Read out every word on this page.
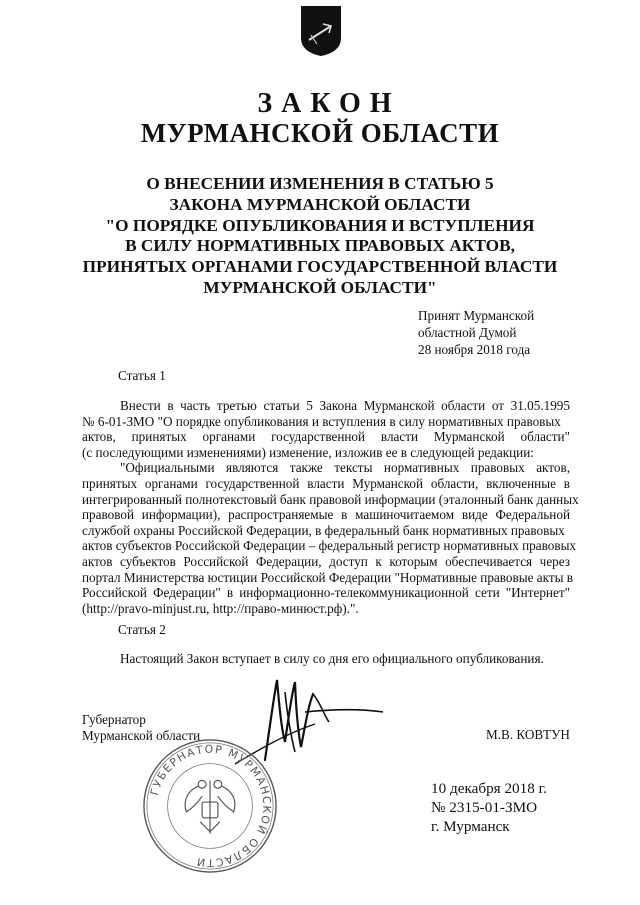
ЗАКОН
МУРМАНСКОЙ ОБЛАСТИ
О ВНЕСЕНИИ ИЗМЕНЕНИЯ В СТАТЬЮ 5
ЗАКОНА МУРМАНСКОЙ ОБЛАСТИ
"О ПОРЯДКЕ ОПУБЛИКОВАНИЯ И ВСТУПЛЕНИЯ
В СИЛУ НОРМАТИВНЫХ ПРАВОВЫХ АКТОВ,
ПРИНЯТЫХ ОРГАНАМИ ГОСУДАРСТВЕННОЙ ВЛАСТИ
МУРМАНСКОЙ ОБЛАСТИ"
Принят Мурманской
областной Думой
28 ноября 2018 года
Статья 1
Внести в часть третью статьи 5 Закона Мурманской области от 31.05.1995
№ 6-01-ЗМО "О порядке опубликования и вступления в силу нормативных правовых
актов, принятых органами государственной власти Мурманской области"
(с последующими изменениями) изменение, изложив ее в следующей редакции:
"Официальными являются также тексты нормативных правовых актов,
принятых органами государственной власти Мурманской области, включенные в
интегрированный полнотекстовый банк правовой информации (эталонный банк данных
правовой информации), распространяемые в машиночитаемом виде Федеральной
службой охраны Российской Федерации, в федеральный банк нормативных правовых
актов субъектов Российской Федерации – федеральный регистр нормативных правовых
актов субъектов Российской Федерации, доступ к которым обеспечивается через
портал Министерства юстиции Российской Федерации "Нормативные правовые акты в
Российской Федерации" в информационно-телекоммуникационной сети "Интернет"
(http://pravo-minjust.ru, http://право-минюст.рф).".
Статья 2
Настоящий Закон вступает в силу со дня его официального опубликования.
Губернатор
Мурманской области	М.В. КОВТУН
ГУБЕРНАТОР МУРМАНСКОЙ ОБЛАСТИ
10 декабря 2018 г.
№ 2315-01-ЗМО
г. Мурманск
